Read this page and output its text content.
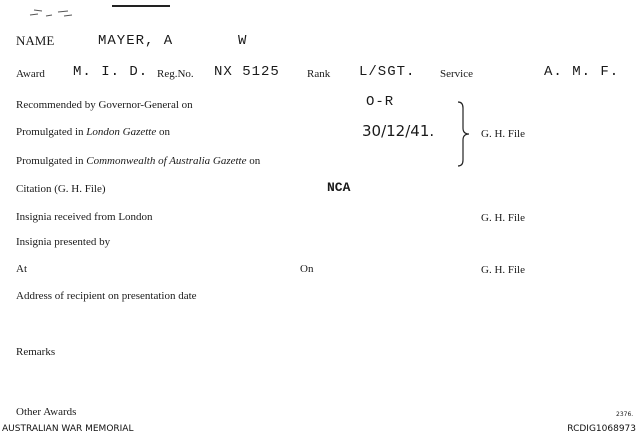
NAME	MAYER, A	W
Award M. I. D. Reg.No. NX 5125 Rank L/SGT. Service	A. M. F.
Recommended by Governor-General on	O-R
Promulgated in London Gazette on	30/12/41.	G. H. File
Promulgated in Commonwealth of Australia Gazette on
Citation (G. H. File)	NCA
Insignia received from London	G. H. File
Insignia presented by
At	On	G. H. File
Address of recipient on presentation date
Remarks
Other Awards	2376.
AUSTRALIAN WAR MEMORIAL	RCDIG1068973
